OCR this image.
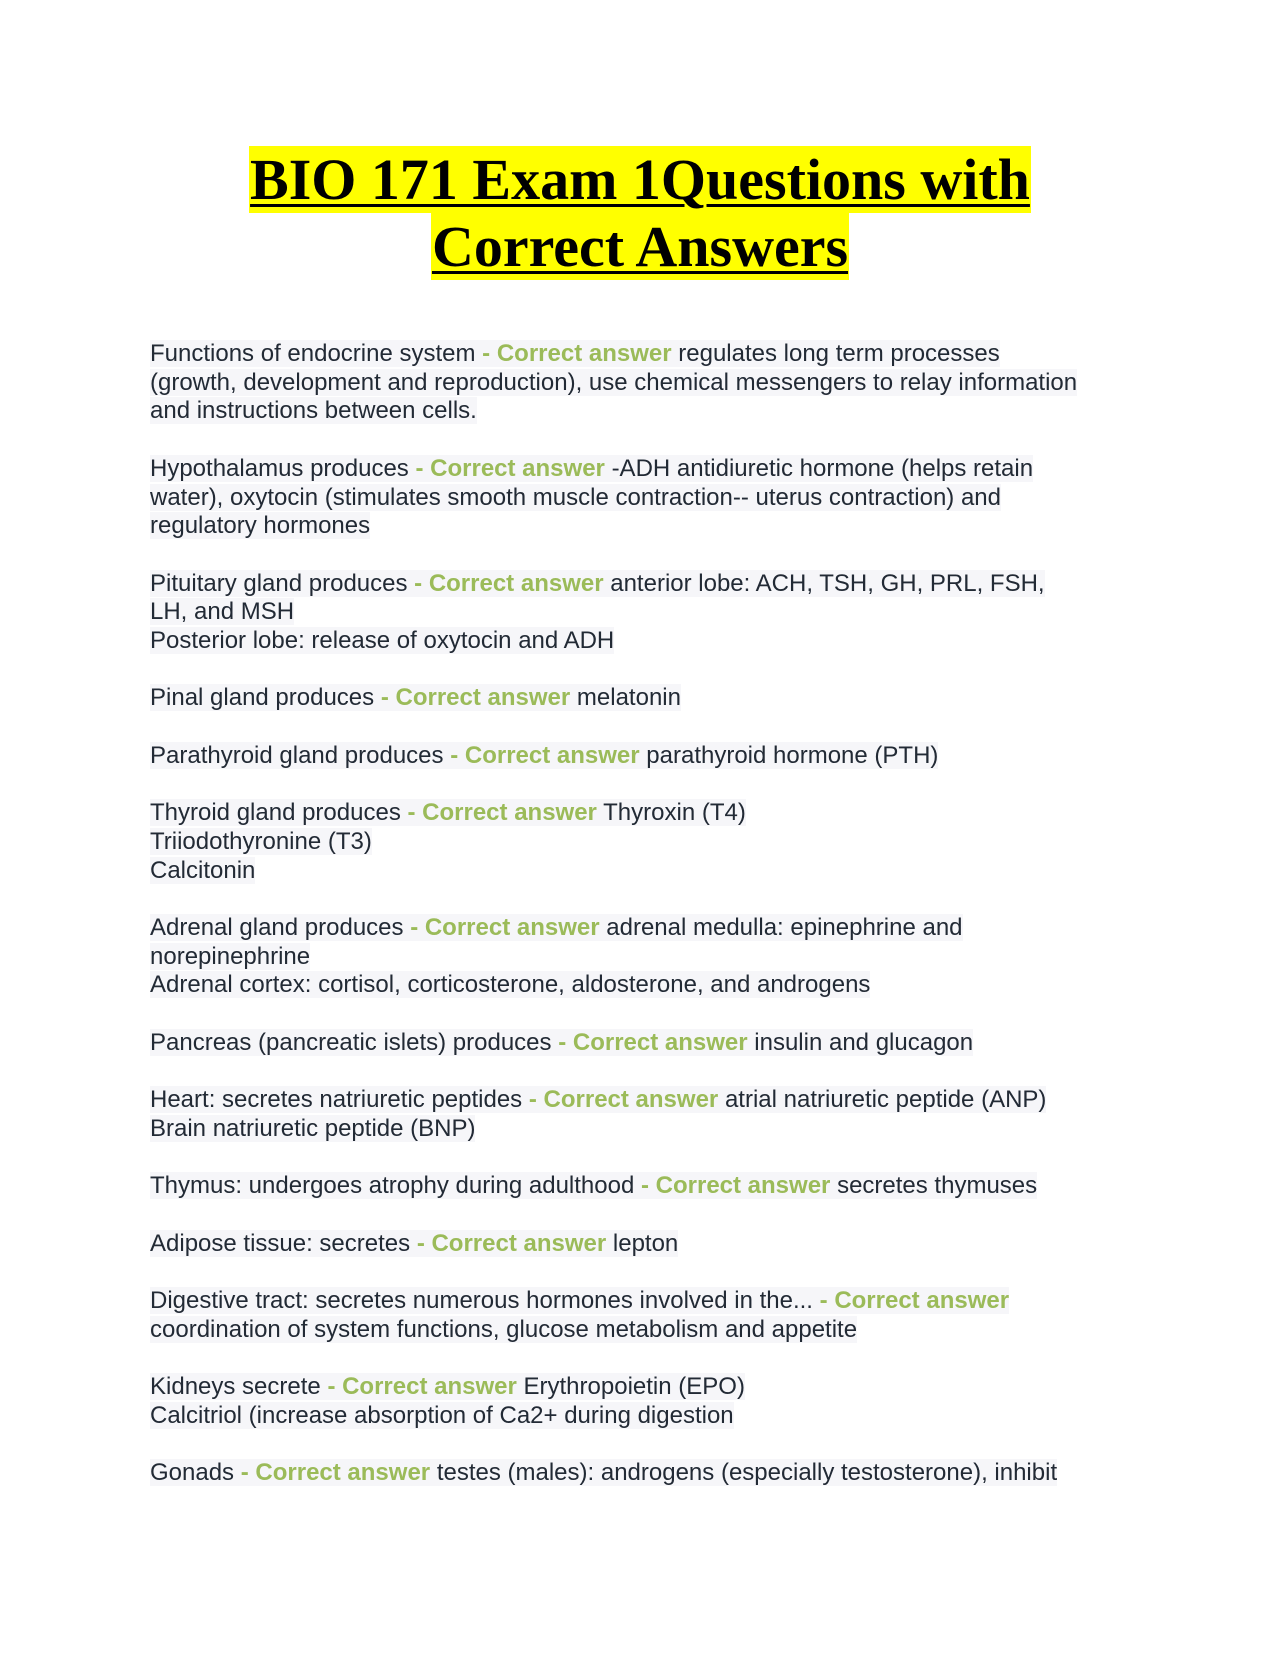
BIO 171 Exam 1Questions with
Correct Answers
Functions of endocrine system - Correct answer regulates long term processes
(growth, development and reproduction), use chemical messengers to relay information
and instructions between cells.
Hypothalamus produces - Correct answer -ADH antidiuretic hormone (helps retain
water), oxytocin (stimulates smooth muscle contraction-- uterus contraction) and
regulatory hormones
Pituitary gland produces - Correct answer anterior lobe: ACH, TSH, GH, PRL, FSH,
LH, and MSH
Posterior lobe: release of oxytocin and ADH
Pinal gland produces - Correct answer melatonin
Parathyroid gland produces - Correct answer parathyroid hormone (PTH)
Thyroid gland produces - Correct answer Thyroxin (T4)
Triiodothyronine (T3)
Calcitonin
Adrenal gland produces - Correct answer adrenal medulla: epinephrine and
norepinephrine
Adrenal cortex: cortisol, corticosterone, aldosterone, and androgens
Pancreas (pancreatic islets) produces - Correct answer insulin and glucagon
Heart: secretes natriuretic peptides - Correct answer atrial natriuretic peptide (ANP)
Brain natriuretic peptide (BNP)
Thymus: undergoes atrophy during adulthood - Correct answer secretes thymuses
Adipose tissue: secretes - Correct answer lepton
Digestive tract: secretes numerous hormones involved in the... - Correct answer
coordination of system functions, glucose metabolism and appetite
Kidneys secrete - Correct answer Erythropoietin (EPO)
Calcitriol (increase absorption of Ca2+ during digestion
Gonads - Correct answer testes (males): androgens (especially testosterone), inhibit
